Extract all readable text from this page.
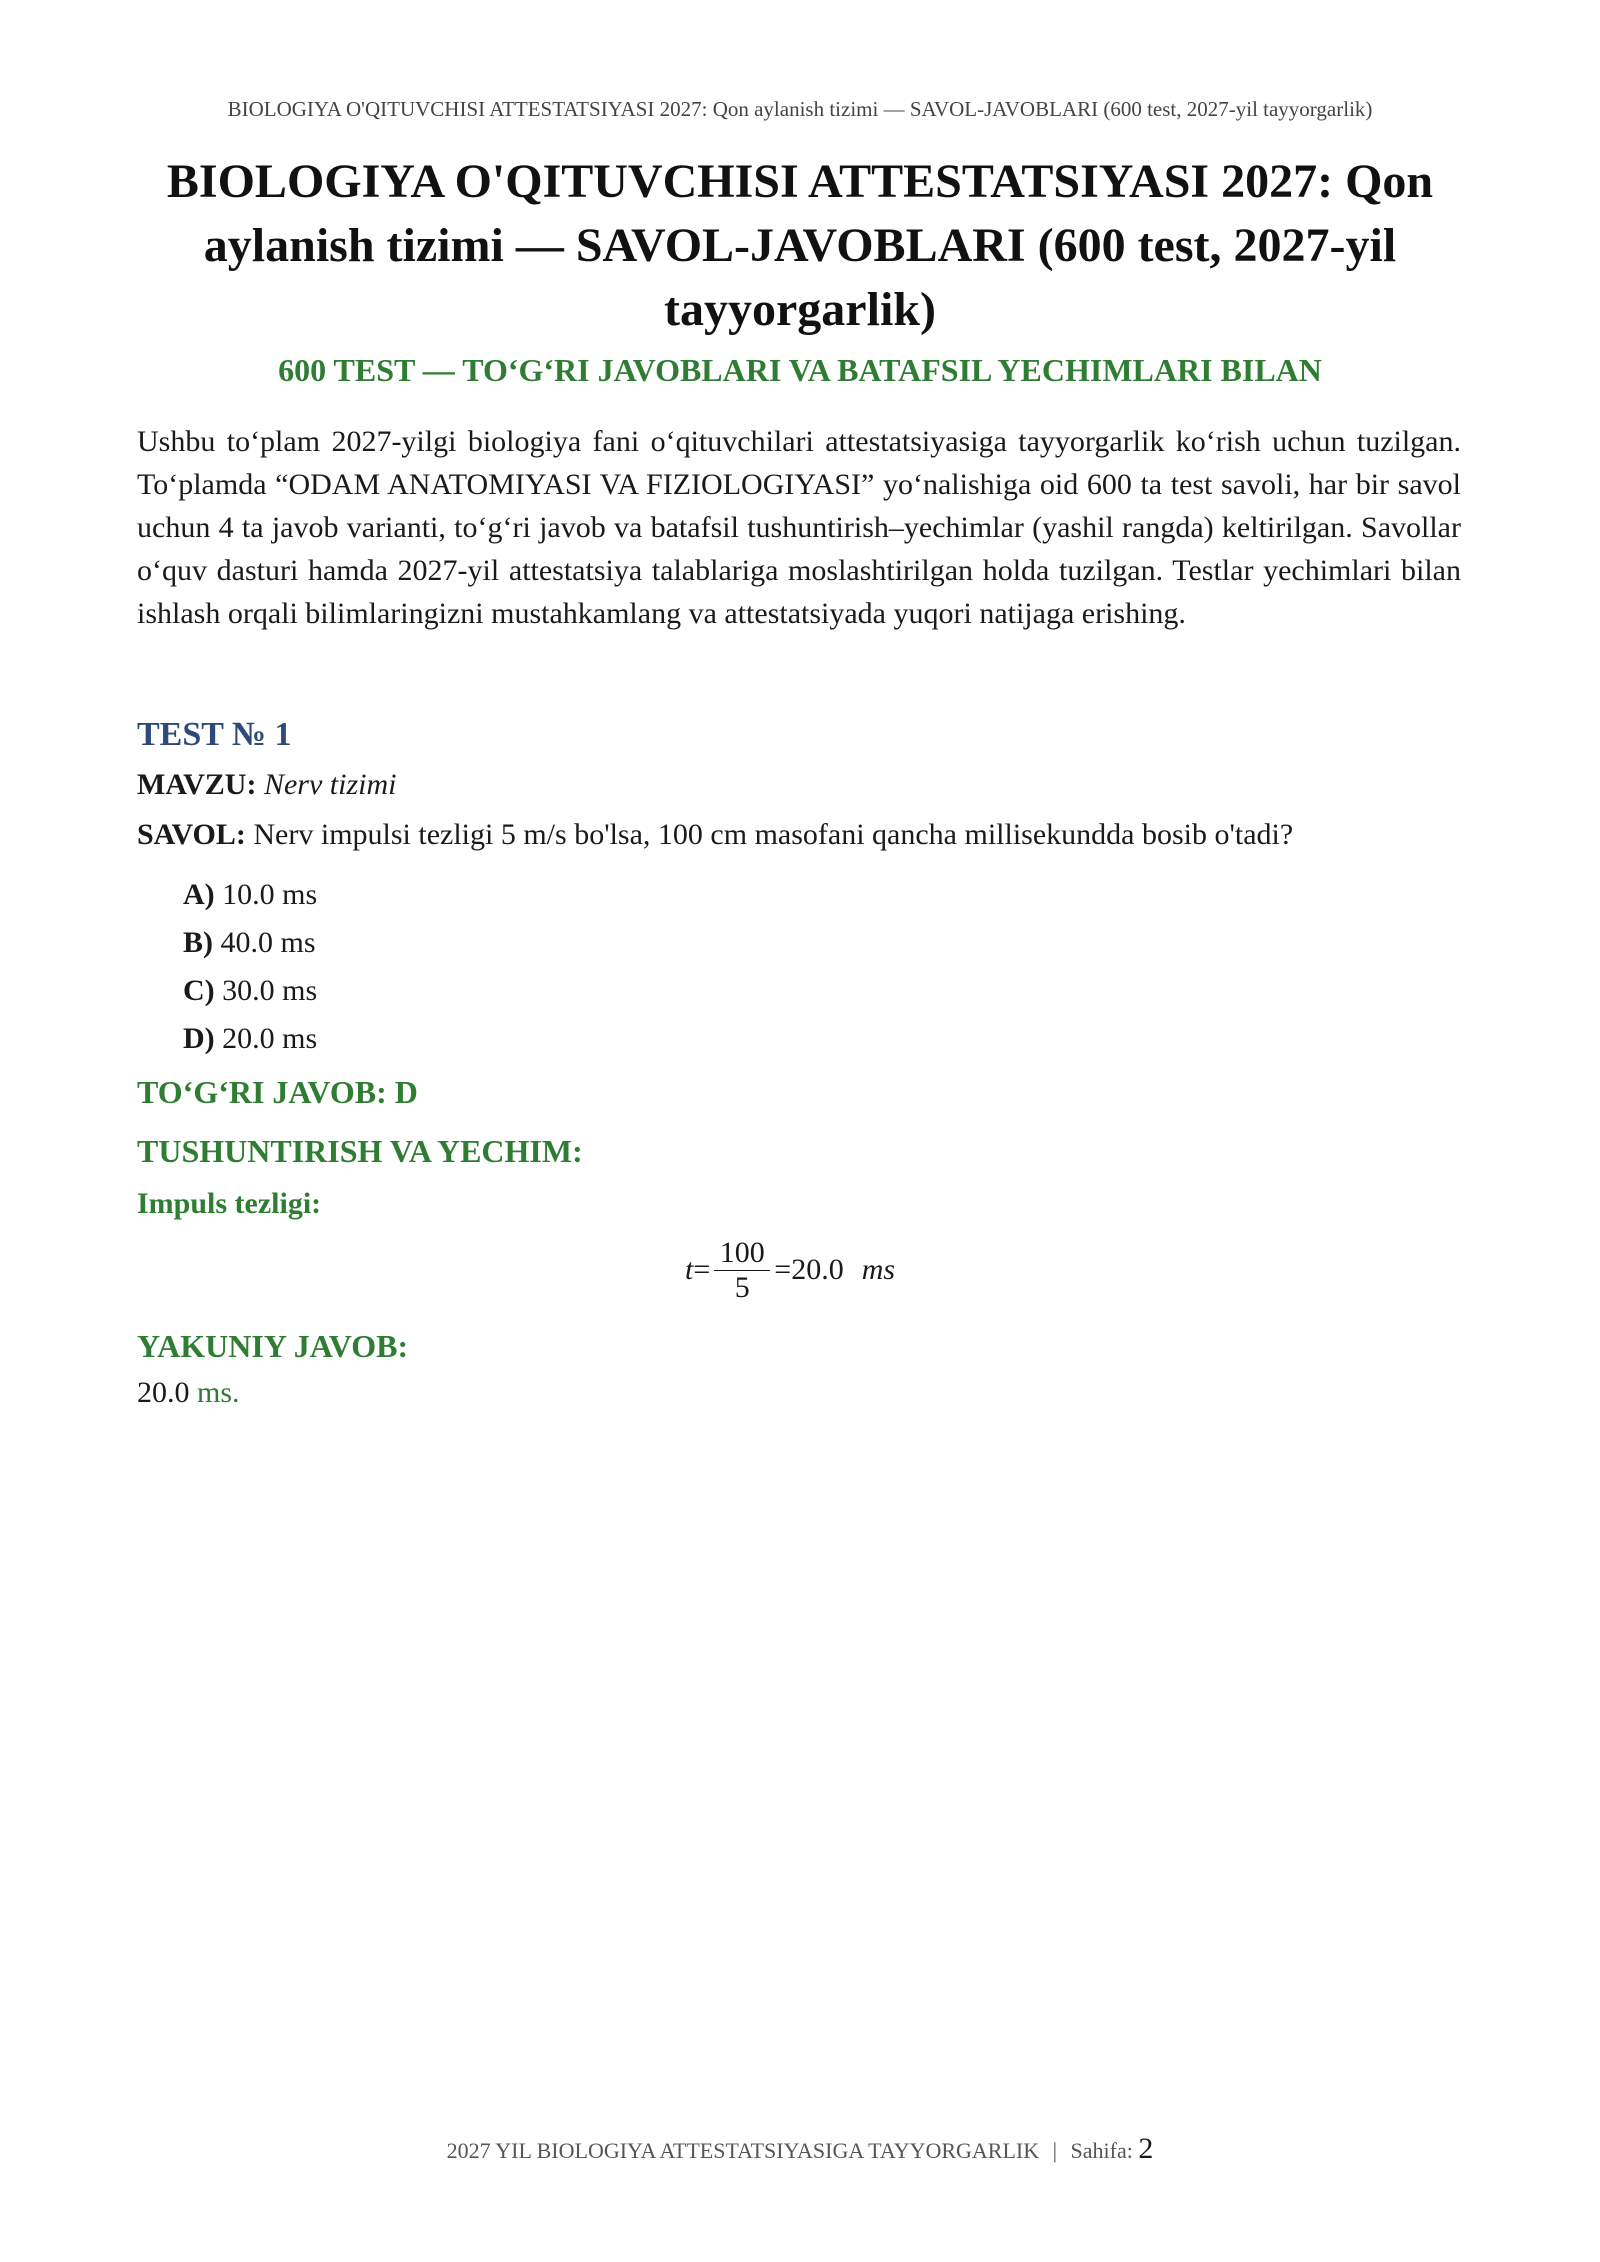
BIOLOGIYA O'QITUVCHISI ATTESTATSIYASI 2027: Qon aylanish tizimi — SAVOL-JAVOBLARI (600 test, 2027-yil tayyorgarlik)
BIOLOGIYA O'QITUVCHISI ATTESTATSIYASI 2027: Qon aylanish tizimi — SAVOL-JAVOBLARI (600 test, 2027-yil tayyorgarlik)
600 TEST — TO‘G‘RI JAVOBLARI VA BATAFSIL YECHIMLARI BILAN
Ushbu to‘plam 2027-yilgi biologiya fani o‘qituvchilari attestatsiyasiga tayyorgarlik ko‘rish uchun tuzilgan. To‘plamda “ODAM ANATOMIYASI VA FIZIOLOGIYASI” yo‘nalishiga oid 600 ta test savoli, har bir savol uchun 4 ta javob varianti, to‘g‘ri javob va batafsil tushuntirish–yechimlar (yashil rangda) keltirilgan. Savollar o‘quv dasturi hamda 2027-yil attestatsiya talablariga moslashtirilgan holda tuzilgan. Testlar yechimlari bilan ishlash orqali bilimlaringizni mustahkamlang va attestatsiyada yuqori natijaga erishing.
TEST № 1
MAVZU: Nerv tizimi
SAVOL: Nerv impulsi tezligi 5 m/s bo'lsa, 100 cm masofani qancha millisekundda bosib o'tadi?
A) 10.0 ms
B) 40.0 ms
C) 30.0 ms
D) 20.0 ms
TO‘G‘RI JAVOB: D
TUSHUNTIRISH VA YECHIM:
Impuls tezligi:
$t = \frac{100}{5} = 20.0$ ms
YAKUNIY JAVOB:
20.0 ms.
2027 YIL BIOLOGIYA ATTESTATSIYASIGA TAYYORGARLIK | Sahifa: 2
